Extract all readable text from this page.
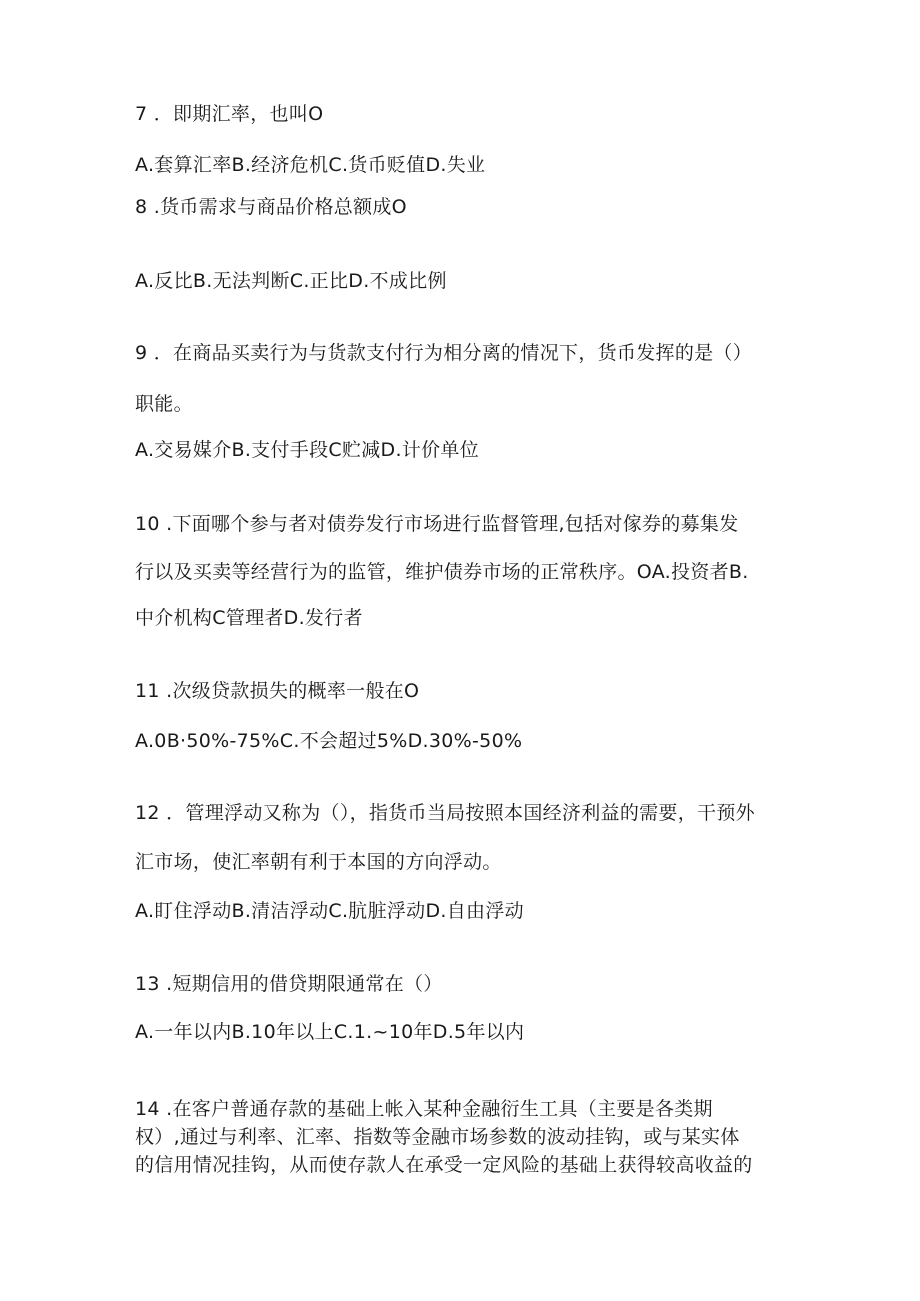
7 ．即期汇率，也叫O
A.套算汇率B.经济危机C.货币贬值D.失业
8 .货币需求与商品价格总额成O
A.反比B.无法判断C.正比D.不成比例
9 ．在商品买卖行为与货款支付行为相分离的情况下，货币发挥的是（）
职能。
A.交易媒介B.支付手段C贮减D.计价单位
10 .下面哪个参与者对债券发行市场进行监督管理,包括对傢券的募集发
行以及买卖等经营行为的监管，维护债券市场的正常秩序。OA.投资者B.
中介机构C管理者D.发行者
11 .次级贷款损失的概率一般在O
A.0B·50%-75%C.不会超过5%D.30%-50%
12 ．管理浮动又称为（），指货币当局按照本国经济利益的需要，干预外
汇市场，使汇率朝有利于本国的方向浮动。
A.盯住浮动B.清洁浮动C.肮脏浮动D.自由浮动
13 .短期信用的借贷期限通常在（）
A.一年以内B.10年以上C.1.~10年D.5年以内
14 .在客户普通存款的基础上帐入某种金融衍生工具（主要是各类期
权）,通过与利率、汇率、指数等金融市场参数的波动挂钩，或与某实体
的信用情况挂钩，从而使存款人在承受一定风险的基础上获得较高收益的
